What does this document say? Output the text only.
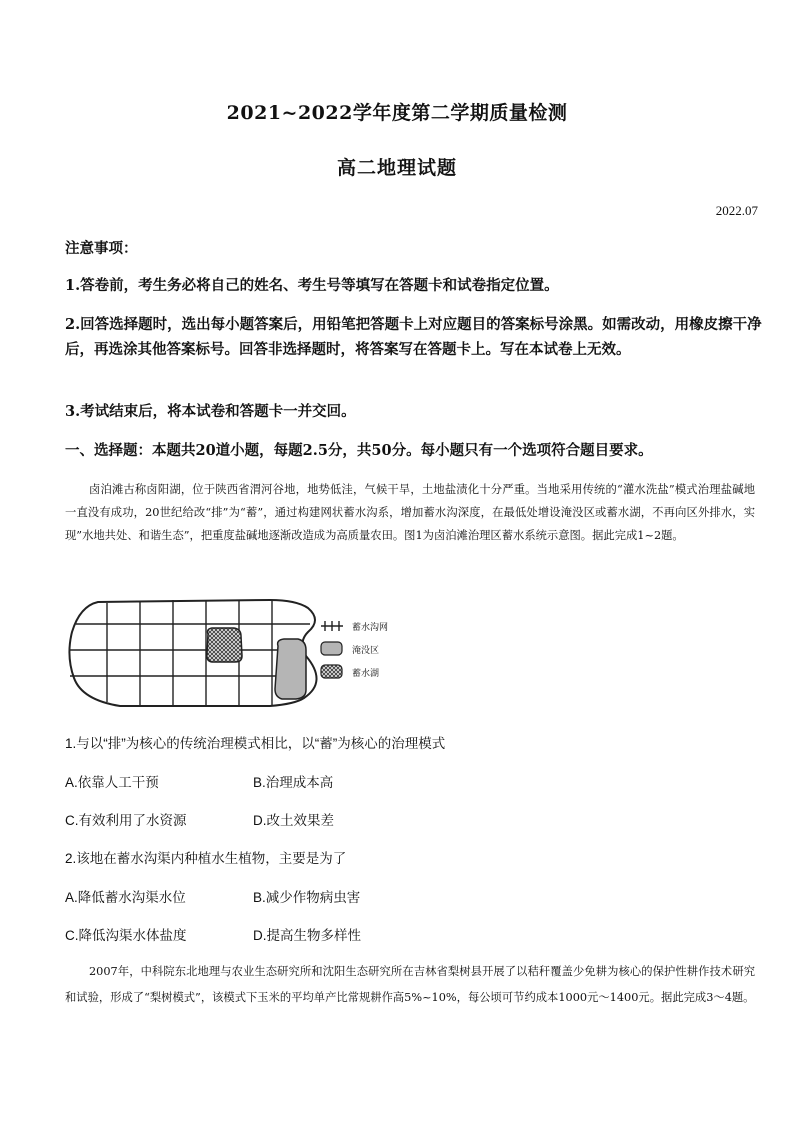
2021~2022学年度第二学期质量检测
高二地理试题
2022.07
注意事项：
1.答卷前，考生务必将自己的姓名、考生号等填写在答题卡和试卷指定位置。
2.回答选择题时，选出每小题答案后，用铅笔把答题卡上对应题目的答案标号涂黑。如需改动，用橡皮擦干净后，再选涂其他答案标号。回答非选择题时，将答案写在答题卡上。写在本试卷上无效。
3.考试结束后，将本试卷和答题卡一并交回。
一、选择题：本题共20道小题，每题2.5分，共50分。每小题只有一个选项符合题目要求。
卤泊滩古称卤阳湖，位于陕西省渭河谷地，地势低洼，气候干旱，土地盐渍化十分严重。当地采用传统的“灌水洗盐”模式治理盐碱地一直没有成功，20世纪给改“排”为“蓄”，通过构建网状蓄水沟系，增加蓄水沟深度，在最低处增设淹没区或蓄水湖，不再向区外排水，实现”水地共处、和谐生态”，把重度盐碱地逐渐改造成为高质量农田。图1为卤泊滩治理区蓄水系统示意图。据此完成1~2题。
蓄水沟网
淹没区
蓄水湖
1.与以“排”为核心的传统治理模式相比，以“蓄”为核心的治理模式
A.依靠人工干预	B.治理成本高
C.有效利用了水资源	D.改土效果差
2.该地在蓄水沟渠内种植水生植物，主要是为了
A.降低蓄水沟渠水位	B.减少作物病虫害
C.降低沟渠水体盐度	D.提高生物多样性
2007年，中科院东北地理与农业生态研究所和沈阳生态研究所在吉林省梨树县开展了以秸秆覆盖少免耕为核心的保护性耕作技术研究和试验，形成了“梨树模式”，该模式下玉米的平均单产比常规耕作高5%~10%，每公顷可节约成本1000元～1400元。据此完成3～4题。
